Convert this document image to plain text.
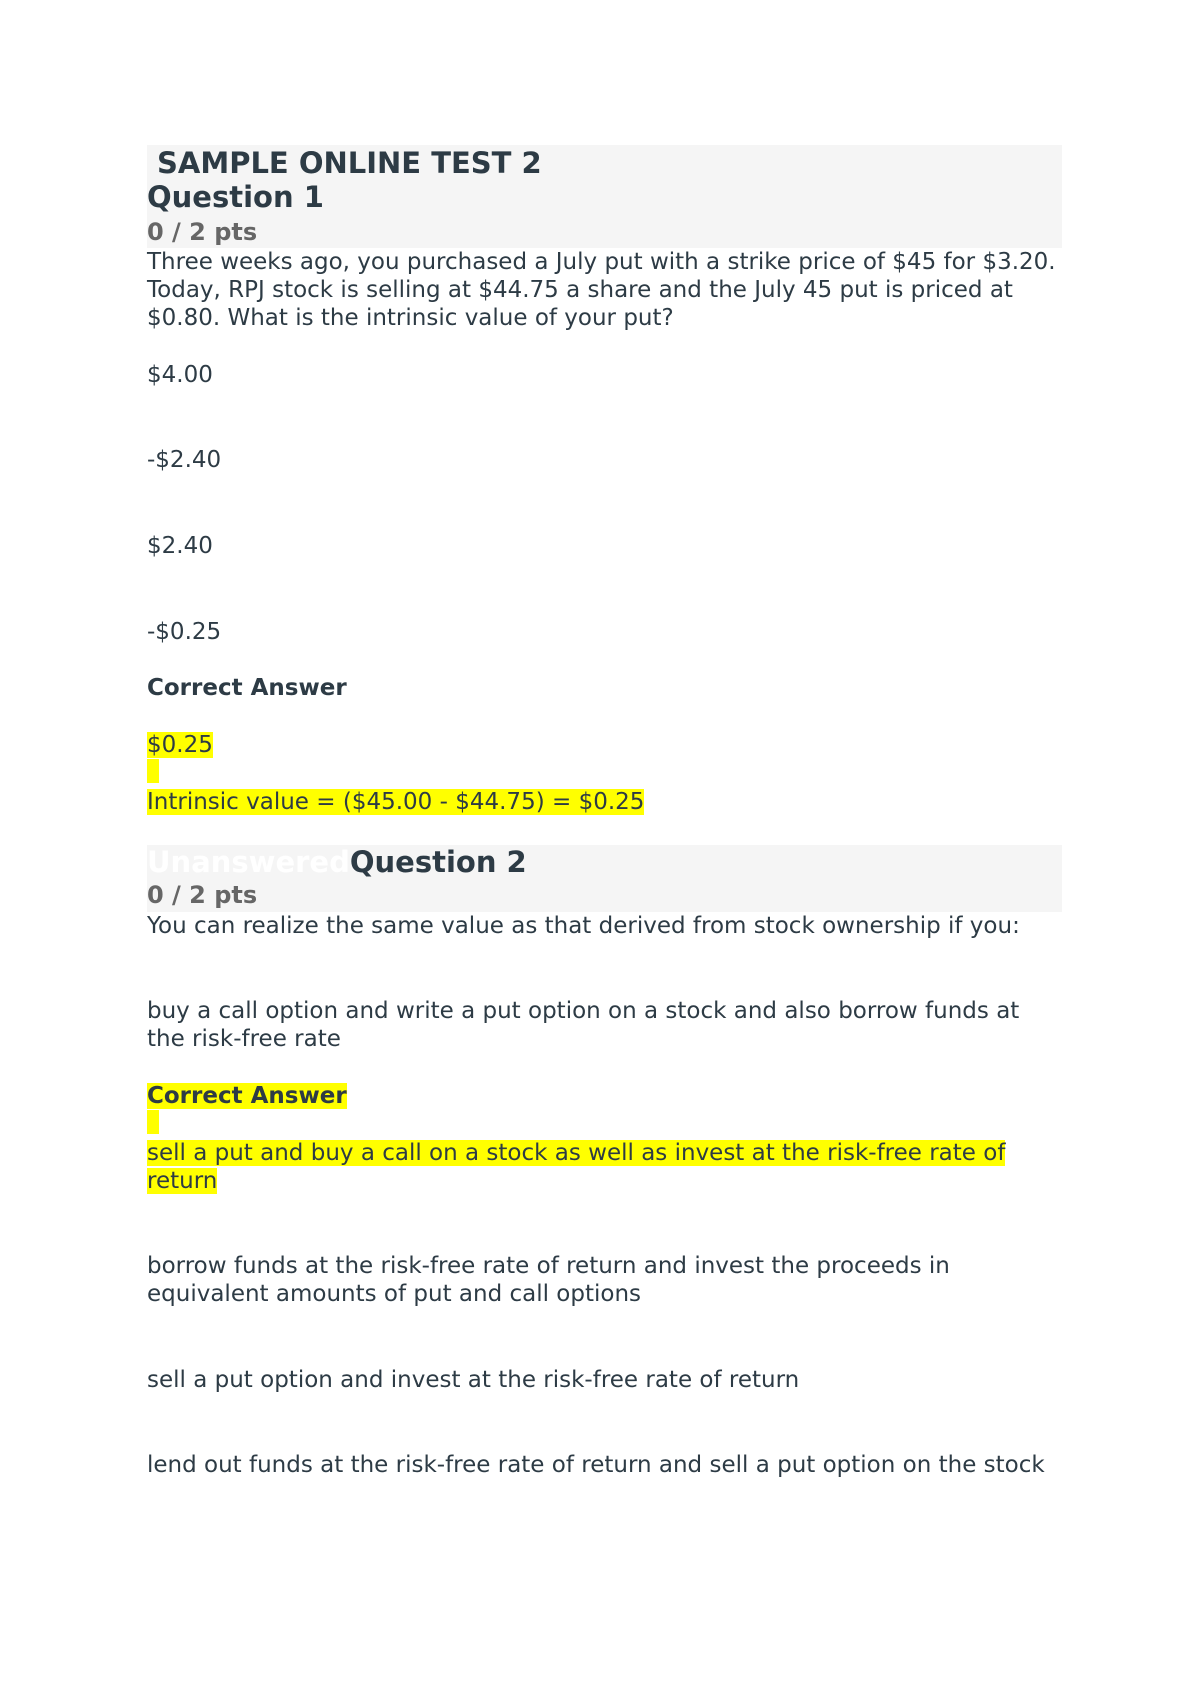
SAMPLE ONLINE TEST 2
Question 1
0 / 2 pts

Three weeks ago, you purchased a July put with a strike price of $45 for $3.20. Today, RPJ stock is selling at $44.75 a share and the July 45 put is priced at $0.80. What is the intrinsic value of your put?

$4.00

-$2.40

$2.40

-$0.25

Correct Answer

$0.25

Intrinsic value = ($45.00 - $44.75) = $0.25

UnansweredQuestion 2
0 / 2 pts

You can realize the same value as that derived from stock ownership if you:

buy a call option and write a put option on a stock and also borrow funds at the risk-free rate

Correct Answer

sell a put and buy a call on a stock as well as invest at the risk-free rate of return

borrow funds at the risk-free rate of return and invest the proceeds in equivalent amounts of put and call options

sell a put option and invest at the risk-free rate of return

lend out funds at the risk-free rate of return and sell a put option on the stock
